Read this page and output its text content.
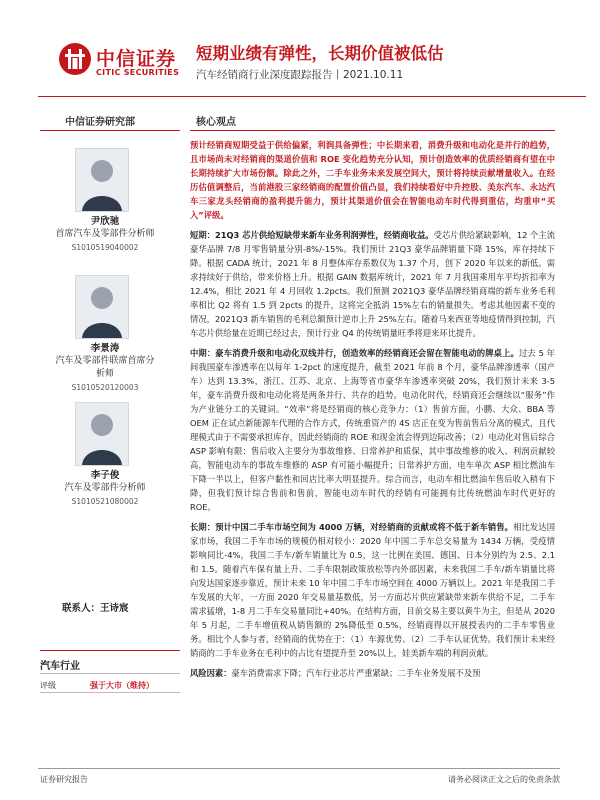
中信证券
CITIC SECURITIES
短期业绩有弹性，长期价值被低估
汽车经销商行业深度跟踪报告丨2021.10.11
中信证券研究部
尹欣驰
首席汽车及零部件分析师
S1010519040002
李景涛
汽车及零部件联席首席分析师
S1010520120003
李子俊
汽车及零部件分析师
S1010521080002
联系人：王诗宸
汽车行业
评级	强于大市（维持）
核心观点

预计经销商短期受益于供给偏紧，利润具备弹性；中长期来看，消费升级和电动化是并行的趋势，且市场尚未对经销商的渠道价值和 ROE 变化趋势充分认知，预计创造效率的优质经销商有望在中长期持续扩大市场份额。除此之外，二手车业务未来发展空间大，预计将持续贡献增量收入。在经历估值调整后，当前港股三家经销商的配置价值凸显，我们持续看好中升控股、美东汽车、永达汽车三家龙头经销商的盈利提升能力，预计其渠道价值会在智能电动车时代得到重估，均重申“买入”评级。

短期：21Q3 芯片供给短缺带来新车业务利润弹性，经销商收益。受芯片供给紧缺影响，12 个主流豪华品牌 7/8 月零售销量分别-8%/-15%。我们预计 21Q3 豪华品牌销量下降 15%，库存持续下降。根据 CADA 统计，2021 年 8 月整体库存系数仅为 1.37 个月，创下 2020 年以来的新低。需求持续好于供给，带来价格上升。根据 GAIN 数据库统计，2021 年 7 月我国乘用车平均折扣率为 12.4%，相比 2021 年 4 月回收 1.2pcts。我们预测 2021Q3 豪华品牌经销商端的新车业务毛利率相比 Q2 将有 1.5 到 2pcts 的提升，这将完全抵消 15%左右的销量损失。考虑其他因素不变的情况，2021Q3 新车销售的毛利总额预计逆市上升 25%左右。随着马来西亚等地疫情得到控制，汽车芯片供给量在近期已经过去，预计行业 Q4 的传统销量旺季将迎来环比提升。

中期：豪车消费升级和电动化双线并行，创造效率的经销商还会留在智能电动的牌桌上。过去 5 年间我国豪车渗透率在以每年 1-2pct 的速度提升，截至 2021 年前 8 个月，豪华品牌渗透率（国产车）达到 13.3%，浙江、江苏、北京、上海等省市豪华车渗透率突破 20%，我们预计未来 3-5 年，豪车消费升级和电动化将是两条并行、共存的趋势。电动化时代，经销商还会继续以“服务”作为产业链分工的关键词。“效率”将是经销商的核心竞争力：（1）售前方面，小鹏、大众、BBA 等 OEM 正在试点新能源车代理的合作方式，传统重资产的 4S 店正在变为售前售后分离的模式，且代理模式由于不需要承担库存，因此经销商的 ROE 和现金流会得到边际改善；（2）电动化对售后综合 ASP 影响有限：售后收入主要分为事故维修、日常养护和质保，其中事故维修的收入、利润贡献较高，智能电动车的事故车维修的 ASP 有可能小幅提升；日常养护方面，电车单次 ASP 相比燃油车下降一半以上，但客户黏性和回店比率大明显提升。综合而言，电动车相比燃油车售后收入稍有下降，但我们预计综合售前和售前，智能电动车时代的经销有可能拥有比传统燃油车时代更好的 ROE。

长期：预计中国二手车市场空间为 4000 万辆，对经销商的贡献或将不低于新车销售。相比发达国家市场，我国二手车市场的规模仍相对较小：2020 年中国二手车总交易量为 1434 万辆，受疫情影响同比-4%，我国二手车/新车销量比为 0.5，这一比例在美国、德国、日本分别约为 2.5、2.1 和 1.5。随着汽车保有量上升、二手车限制政策放松等内外部因素，未来我国二手车/新车销量比将向发达国家逐步靠近，预计未来 10 年中国二手车市场空间在 4000 万辆以上。2021 年是我国二手车发展的大年，一方面 2020 年交易量基数低，另一方面芯片供应紧缺带来新车供给不足，二手车需求猛增，1-8 月二手车交易量同比+40%。在结构方面，目前交易主要以黄牛为主，但是从 2020 年 5 月起，二手车增值税从销售额的 2%降低至 0.5%，经销商得以开展授表内的二手车零售业务。相比个人参与者，经销商的优势在于：（1）车源优势、（2）二手车认证优势。我们预计未来经销商的二手车业务在毛利中的占比有望提升至 20%以上，娃美新车端的利润贡献。

风险因素：豪车消费需求下降；汽车行业芯片严重紧缺；二手车业务发展不及预

证券研究报告	请务必阅读正文之后的免责条款
